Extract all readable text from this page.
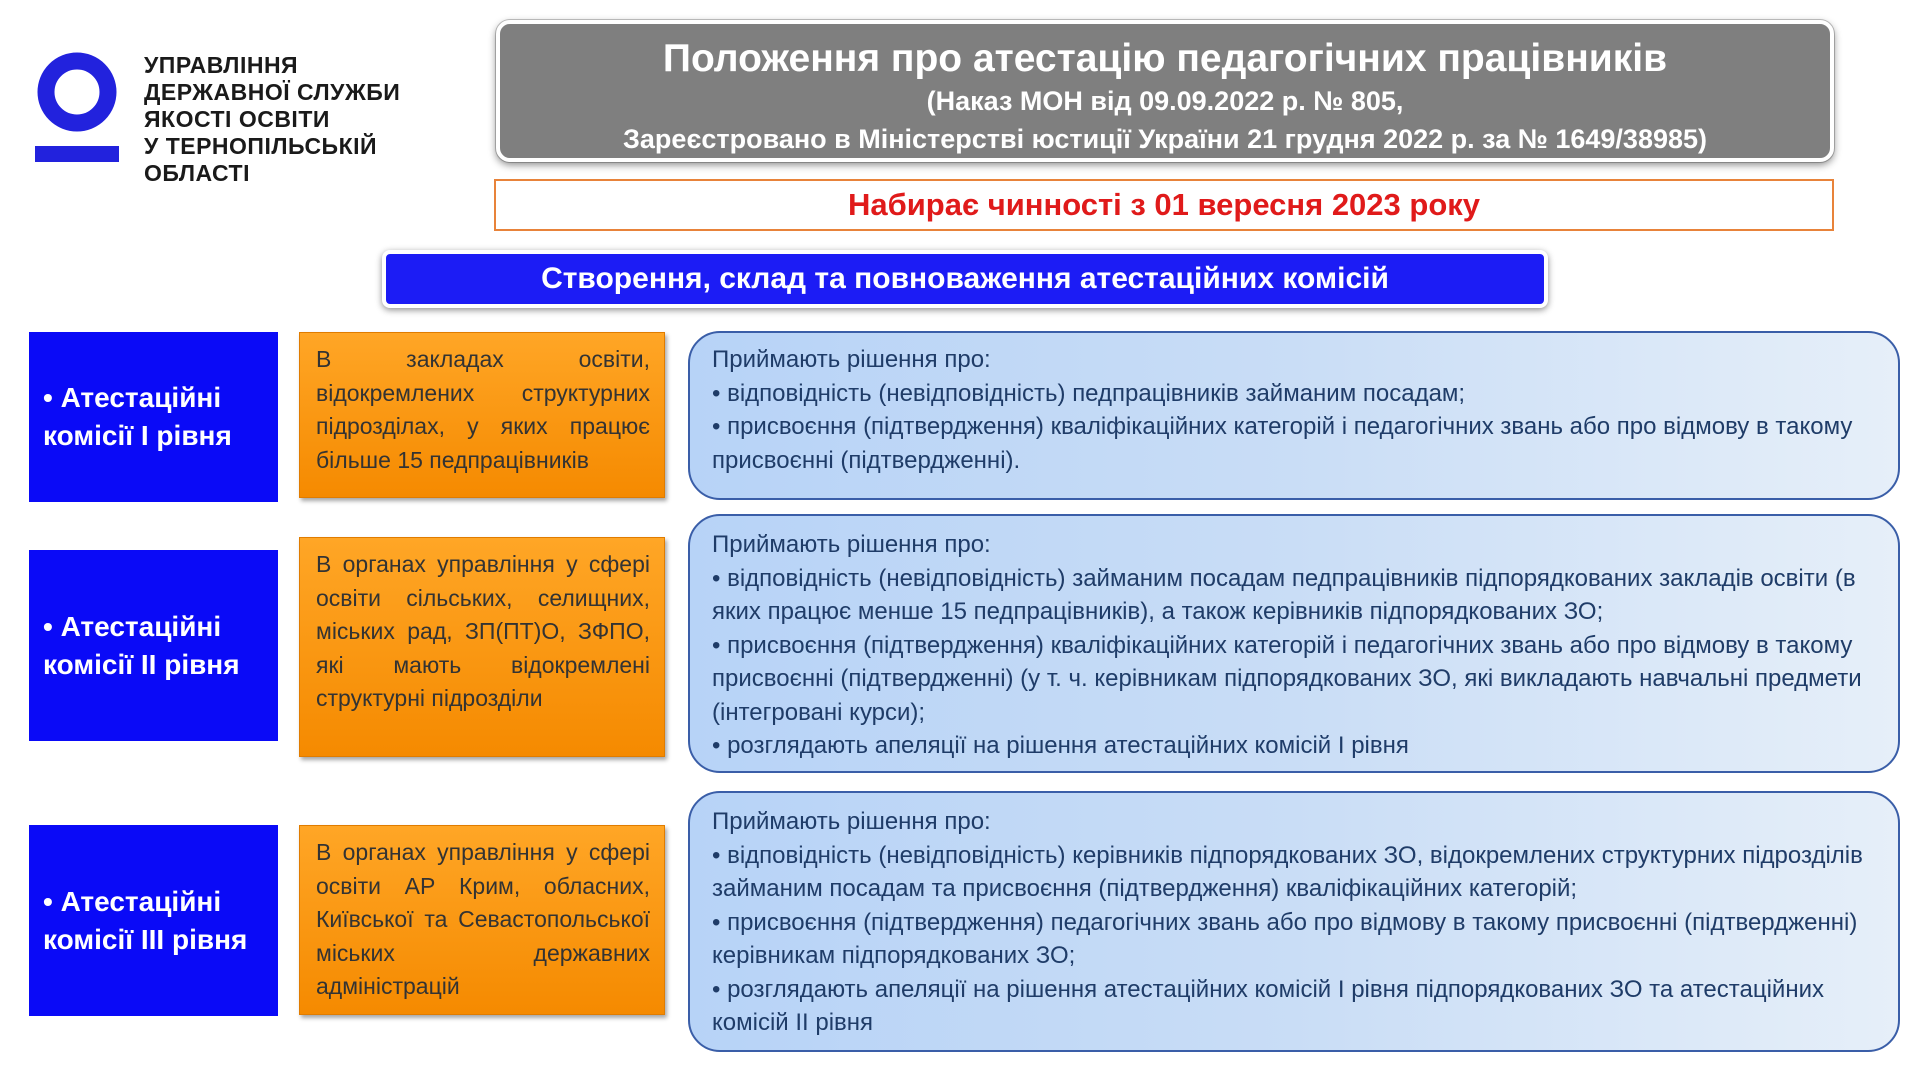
УПРАВЛІННЯ
ДЕРЖАВНОЇ СЛУЖБИ
ЯКОСТІ ОСВІТИ
У ТЕРНОПІЛЬСЬКІЙ
ОБЛАСТІ
Положення про атестацію педагогічних працівників
(Наказ МОН від 09.09.2022 р. № 805,
Зареєстровано в Міністерстві юстиції України 21 грудня 2022 р. за № 1649/38985)
Набирає чинності з 01 вересня 2023 року
Створення, склад та повноваження атестаційних комісій
• Атестаційні комісії І рівня
В закладах освіти, відокремлених структурних підрозділах, у яких працює більше 15 педпрацівників

Приймають рішення про:

• відповідність (невідповідність) педпрацівників займаним посадам;

• присвоєння (підтвердження) кваліфікаційних категорій і педагогічних звань або про відмову в такому присвоєнні (підтвердженні).

• Атестаційні комісії ІІ рівня
В органах управління у сфері освіти сільських, селищних, міських рад, ЗП(ПТ)О, ЗФПО, які мають відокремлені структурні підрозділи

Приймають рішення про:

• відповідність (невідповідність) займаним посадам педпрацівників підпорядкованих закладів освіти (в яких працює менше 15 педпрацівників), а також керівників підпорядкованих ЗО;

• присвоєння (підтвердження) кваліфікаційних категорій і педагогічних звань або про відмову в такому присвоєнні (підтвердженні) (у т. ч. керівникам підпорядкованих ЗО, які викладають навчальні предмети (інтегровані курси);

• розглядають апеляції на рішення атестаційних комісій І рівня

• Атестаційні комісії ІІІ рівня
В органах управління у сфері освіти АР Крим, обласних, Київської та Севастопольської міських державних адміністрацій

Приймають рішення про:

• відповідність (невідповідність) керівників підпорядкованих ЗО, відокремлених структурних підрозділів займаним посадам та присвоєння (підтвердження) кваліфікаційних категорій;

• присвоєння (підтвердження) педагогічних звань або про відмову в такому присвоєнні (підтвердженні) керівникам підпорядкованих ЗО;

• розглядають апеляції на рішення атестаційних комісій І рівня підпорядкованих ЗО та атестаційних комісій ІІ рівня
